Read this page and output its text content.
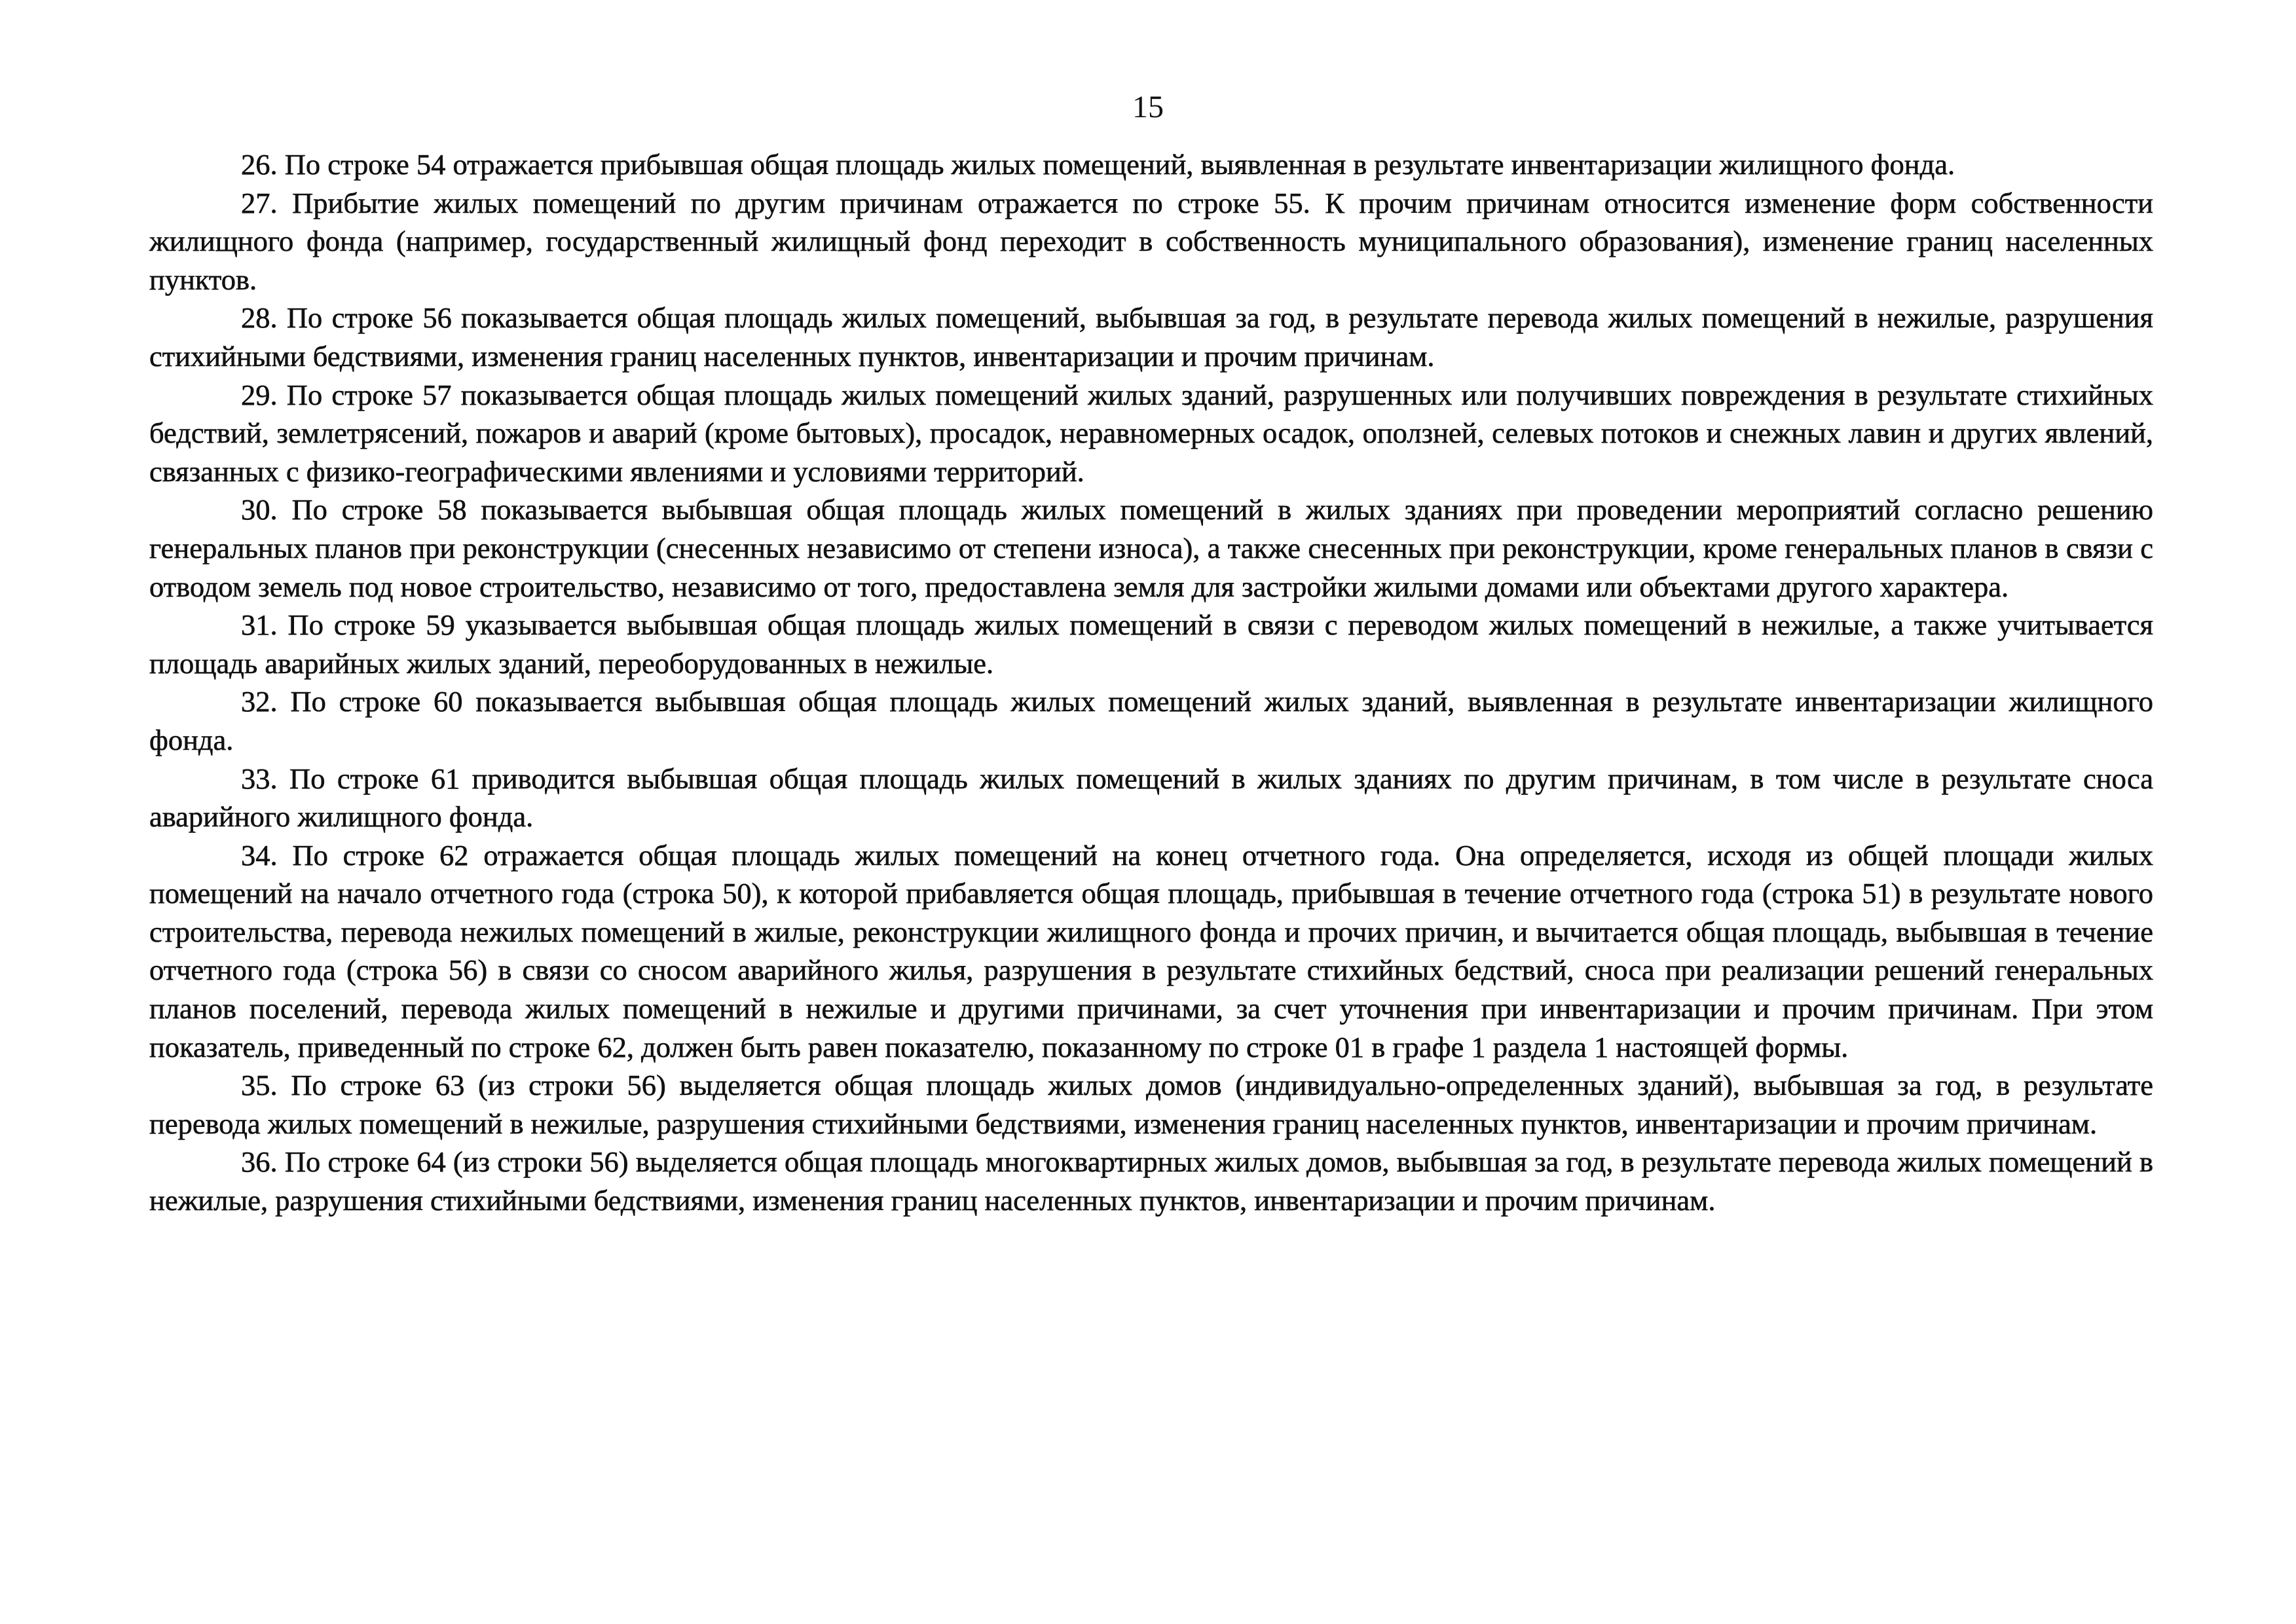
15

26. По строке 54 отражается прибывшая общая площадь жилых помещений, выявленная в результате инвентаризации жилищного фонда.

27. Прибытие жилых помещений по другим причинам отражается по строке 55. К прочим причинам относится изменение форм собственности жилищного фонда (например, государственный жилищный фонд переходит в собственность муниципального образования), изменение границ населенных пунктов.

28. По строке 56 показывается общая площадь жилых помещений, выбывшая за год, в результате перевода жилых помещений в нежилые, разрушения стихийными бедствиями, изменения границ населенных пунктов, инвентаризации и прочим причинам.

29. По строке 57 показывается общая площадь жилых помещений жилых зданий, разрушенных или получивших повреждения в результате стихийных бедствий, землетрясений, пожаров и аварий (кроме бытовых), просадок, неравномерных осадок, оползней, селевых потоков и снежных лавин и других явлений, связанных с физико-географическими явлениями и условиями территорий.

30. По строке 58 показывается выбывшая общая площадь жилых помещений в жилых зданиях при проведении мероприятий согласно решению генеральных планов при реконструкции (снесенных независимо от степени износа), а также снесенных при реконструкции, кроме генеральных планов в связи с отводом земель под новое строительство, независимо от того, предоставлена земля для застройки жилыми домами или объектами другого характера.

31. По строке 59 указывается выбывшая общая площадь жилых помещений в связи с переводом жилых помещений в нежилые, а также учитывается площадь аварийных жилых зданий, переоборудованных в нежилые.

32. По строке 60 показывается выбывшая общая площадь жилых помещений жилых зданий, выявленная в результате инвентаризации жилищного фонда.

33. По строке 61 приводится выбывшая общая площадь жилых помещений в жилых зданиях по другим причинам, в том числе в результате сноса аварийного жилищного фонда.

34. По строке 62 отражается общая площадь жилых помещений на конец отчетного года. Она определяется, исходя из общей площади жилых помещений на начало отчетного года (строка 50), к которой прибавляется общая площадь, прибывшая в течение отчетного года (строка 51) в результате нового строительства, перевода нежилых помещений в жилые, реконструкции жилищного фонда и прочих причин, и вычитается общая площадь, выбывшая в течение отчетного года (строка 56) в связи со сносом аварийного жилья, разрушения в результате стихийных бедствий, сноса при реализации решений генеральных планов поселений, перевода жилых помещений в нежилые и другими причинами, за счет уточнения при инвентаризации и прочим причинам. При этом показатель, приведенный по строке 62, должен быть равен показателю, показанному по строке 01 в графе 1 раздела 1 настоящей формы.

35. По строке 63 (из строки 56) выделяется общая площадь жилых домов (индивидуально-определенных зданий), выбывшая за год, в результате перевода жилых помещений в нежилые, разрушения стихийными бедствиями, изменения границ населенных пунктов, инвентаризации и прочим причинам.

36. По строке 64 (из строки 56) выделяется общая площадь многоквартирных жилых домов, выбывшая за год, в результате перевода жилых помещений в нежилые, разрушения стихийными бедствиями, изменения границ населенных пунктов, инвентаризации и прочим причинам.
